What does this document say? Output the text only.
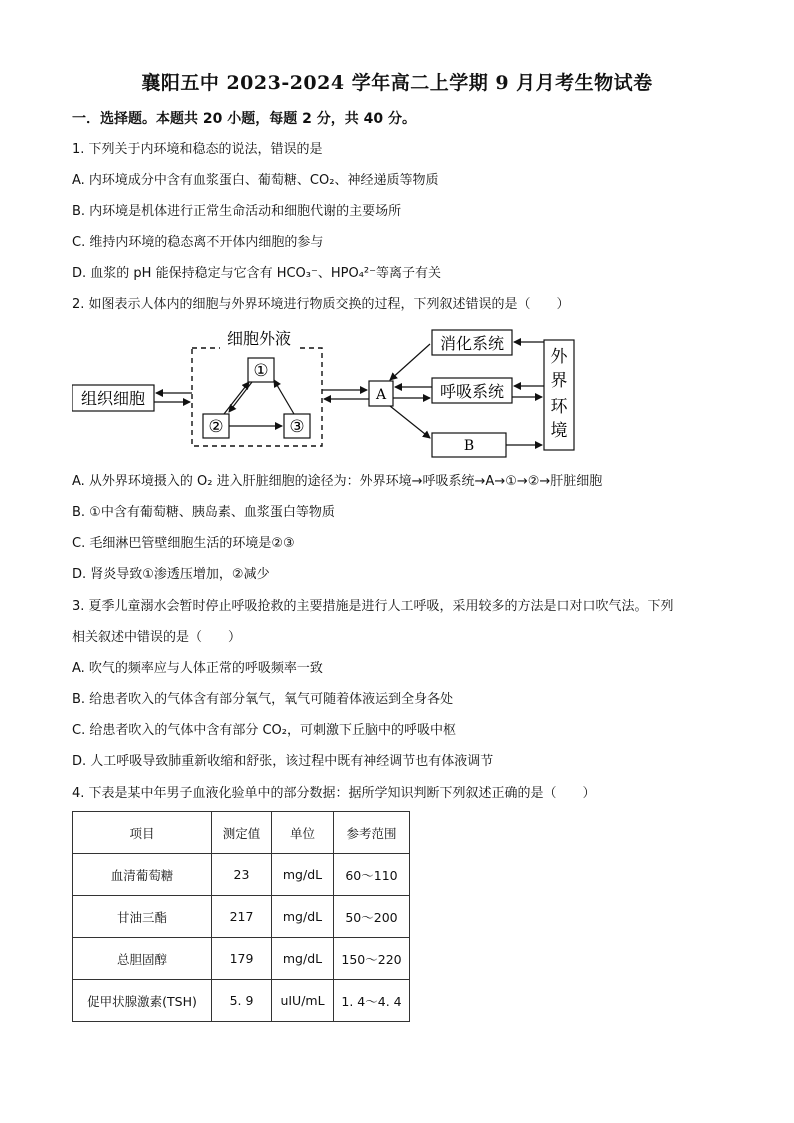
襄阳五中 2023-2024 学年高二上学期 9 月月考生物试卷
一．选择题。本题共 20 小题，每题 2 分，共 40 分。
1. 下列关于内环境和稳态的说法，错误的是
A. 内环境成分中含有血浆蛋白、葡萄糖、CO₂、神经递质等物质
B. 内环境是机体进行正常生命活动和细胞代谢的主要场所
C. 维持内环境的稳态离不开体内细胞的参与
D. 血浆的 pH 能保持稳定与它含有 HCO₃⁻、HPO₄²⁻等离子有关
2. 如图表示人体内的细胞与外界环境进行物质交换的过程，下列叙述错误的是（　　）
细胞外液
①
②	③
组织细胞	A
消化系统
呼吸系统
B
外
界
环
境
A. 从外界环境摄入的 O₂ 进入肝脏细胞的途径为：外界环境→呼吸系统→A→①→②→肝脏细胞
B. ①中含有葡萄糖、胰岛素、血浆蛋白等物质
C. 毛细淋巴管壁细胞生活的环境是②③
D. 肾炎导致①渗透压增加，②减少
3. 夏季儿童溺水会暂时停止呼吸抢救的主要措施是进行人工呼吸，采用较多的方法是口对口吹气法。下列
相关叙述中错误的是（　　）
A. 吹气的频率应与人体正常的呼吸频率一致
B. 给患者吹入的气体含有部分氧气，氧气可随着体液运到全身各处
C. 给患者吹入的气体中含有部分 CO₂，可刺激下丘脑中的呼吸中枢
D. 人工呼吸导致肺重新收缩和舒张，该过程中既有神经调节也有体液调节
4. 下表是某中年男子血液化验单中的部分数据：据所学知识判断下列叙述正确的是（　　）
项目	测定值	单位	参考范围
血清葡萄糖	23	mg/dL	60～110
甘油三酯	217	mg/dL	50～200
总胆固醇	179	mg/dL	150～220
促甲状腺激素(TSH)	5. 9	uIU/mL	1. 4～4. 4
